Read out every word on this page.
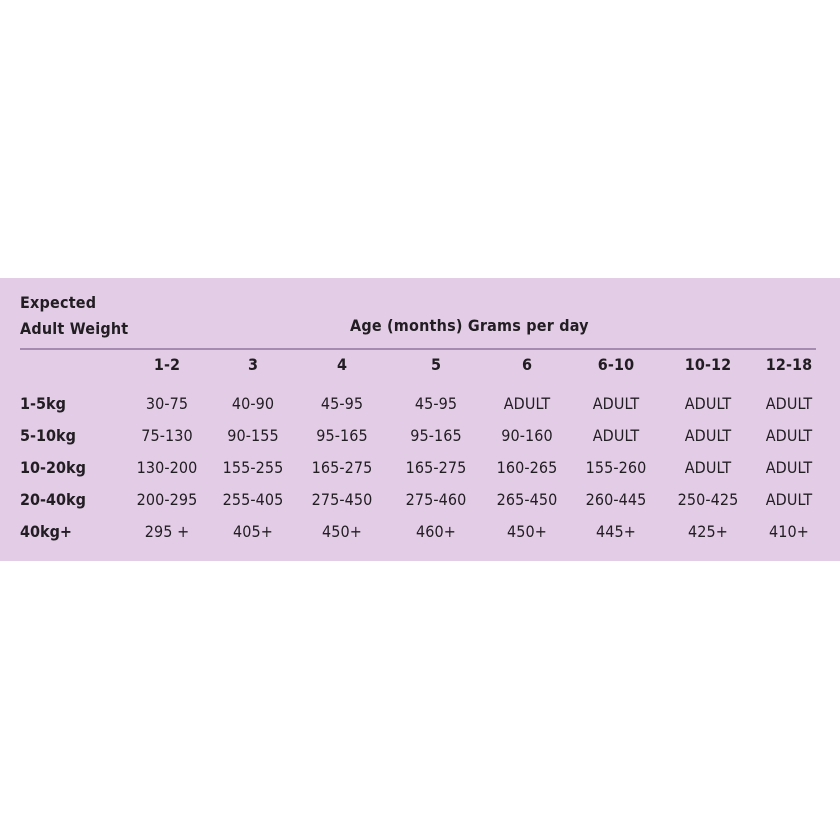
Expected
Adult Weight	Age (months) Grams per day
1-2	3	4	5	6	6-10	10-12 12-18
1-5kg	30-75	40-90	45-95	45-95	ADULT	ADULT	ADULT ADULT
5-10kg	75-130 90-155 95-165	95-165 90-160 ADULT	ADULT ADULT
10-20kg	130-200 155-255 165-275 165-275 160-265 155-260 ADULT ADULT
20-40kg	200-295 255-405 275-450 275-460 265-450 260-445 250-425 ADULT
40kg+	295 +	405+	450+	460+	450+	445+	425+	410+
